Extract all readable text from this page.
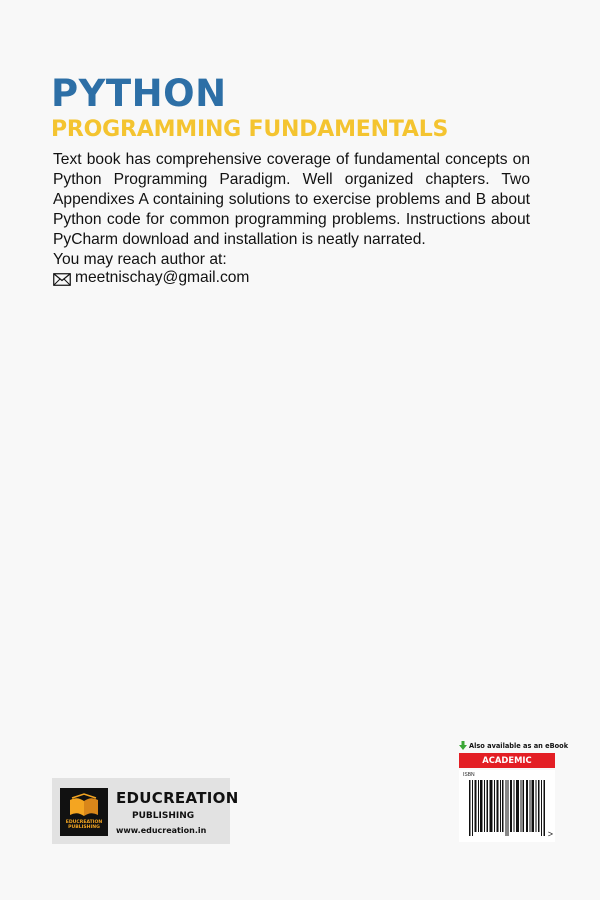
PYTHON
PROGRAMMING FUNDAMENTALS

Text book has comprehensive coverage of fundamental concepts on Python Programming Paradigm. Well organized chapters. Two Appendixes A containing solutions to exercise problems and B about Python code for common programming problems. Instructions about PyCharm download and installation is neatly narrated.

You may reach author at:

meetnischay@gmail.com
EDUCREATION PUBLISHING
EDUCREATION
PUBLISHING
www.educreation.in
Also available as an eBook
ACADEMIC
ISBN
>
